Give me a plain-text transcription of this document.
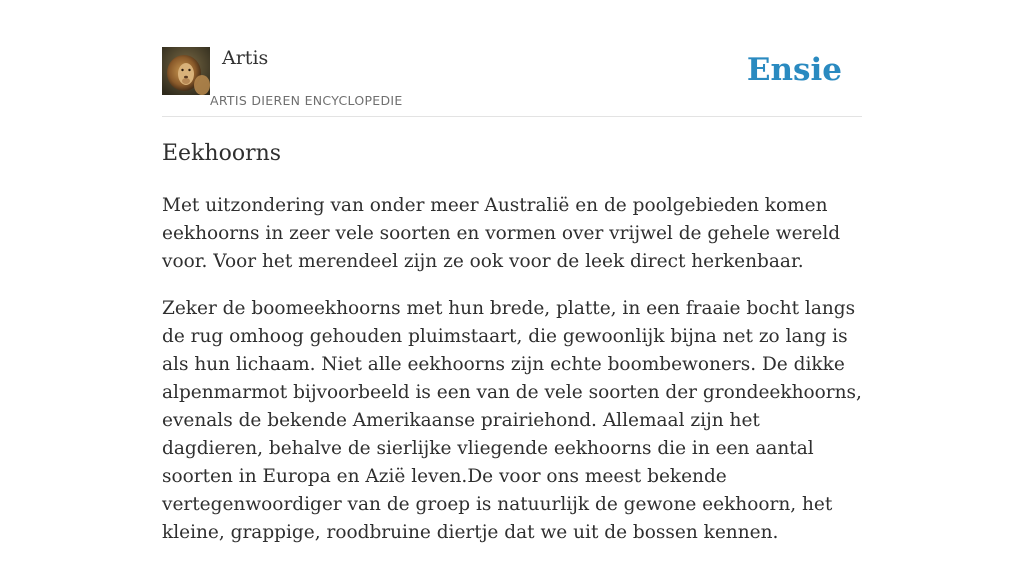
Artis
ARTIS DIEREN ENCYCLOPEDIE
Ensie
Eekhoorns

Met uitzondering van onder meer Australië en de poolgebieden komen eekhoorns in zeer vele soorten en vormen over vrijwel de gehele wereld voor. Voor het merendeel zijn ze ook voor de leek direct herkenbaar.

Zeker de boomeekhoorns met hun brede, platte, in een fraaie bocht langs de rug omhoog gehouden pluimstaart, die gewoonlijk bijna net zo lang is als hun lichaam. Niet alle eekhoorns zijn echte boombewoners. De dikke alpenmarmot bijvoorbeeld is een van de vele soorten der grondeekhoorns, evenals de bekende Amerikaanse prairiehond. Allemaal zijn het dagdieren, behalve de sierlijke vliegende eekhoorns die in een aantal soorten in Europa en Azië leven.De voor ons meest bekende vertegenwoordiger van de groep is natuurlijk de gewone eekhoorn, het kleine, grappige, roodbruine diertje dat we uit de bossen kennen.
